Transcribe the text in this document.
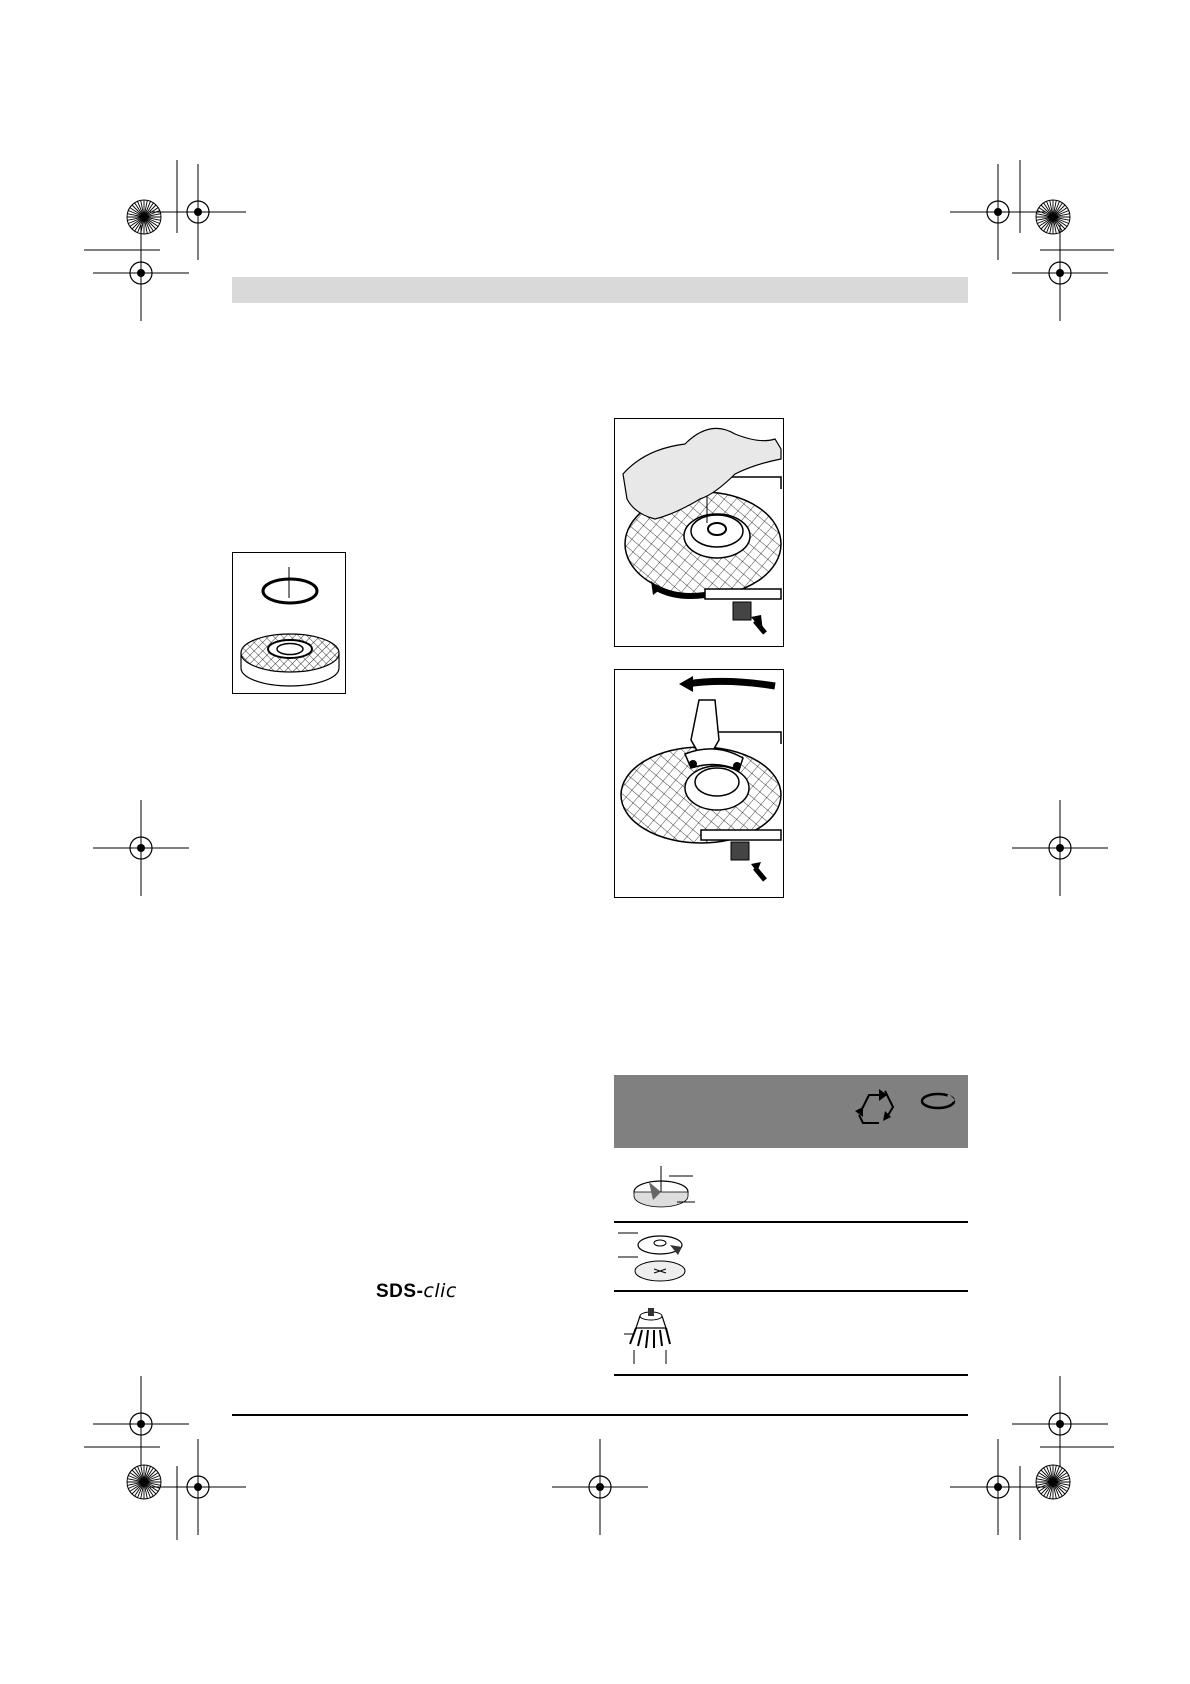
SDS-clic
